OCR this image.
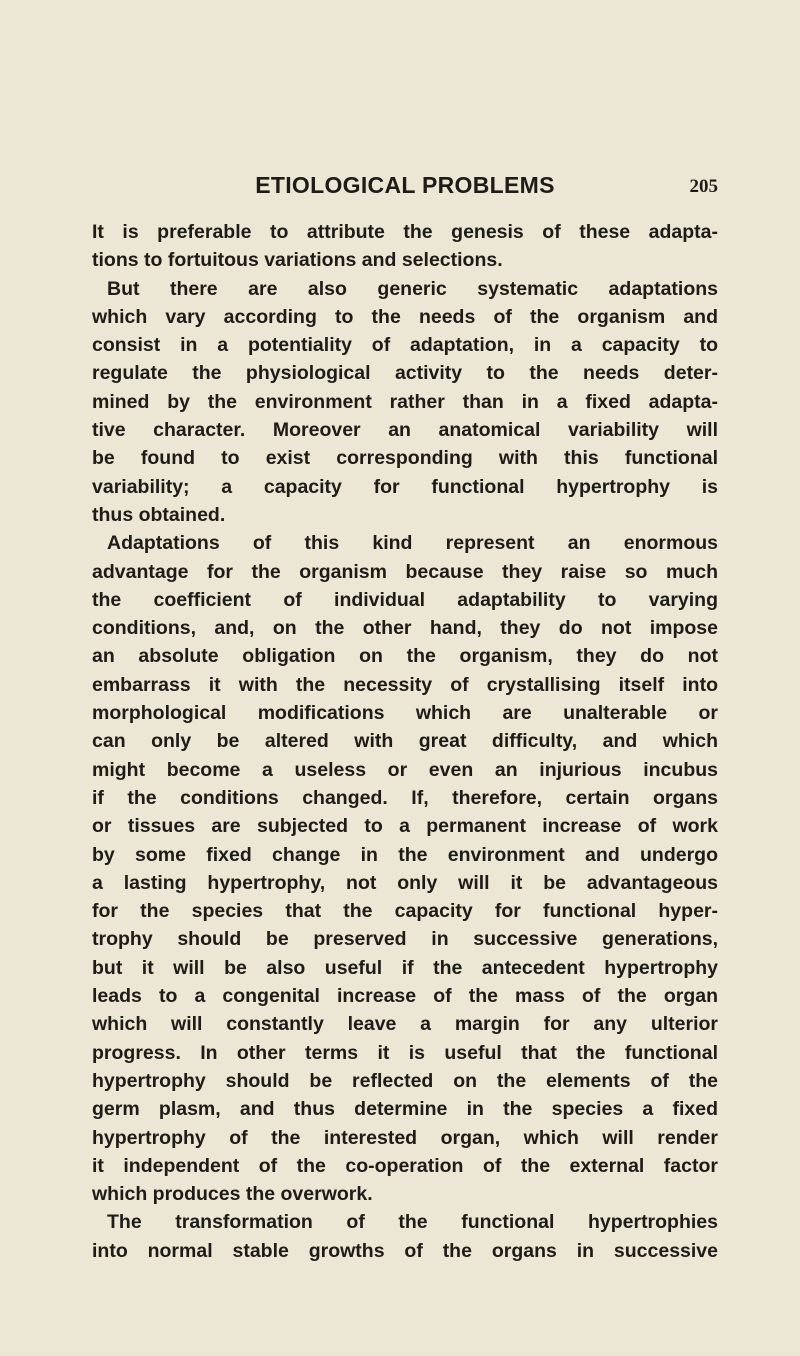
ETIOLOGICAL PROBLEMS	205
It is preferable to attribute the genesis of these adapta-
tions to fortuitous variations and selections.
But there are also generic systematic adaptations
which vary according to the needs of the organism and
consist in a potentiality of adaptation, in a capacity to
regulate the physiological activity to the needs deter-
mined by the environment rather than in a fixed adapta-
tive character. Moreover an anatomical variability will
be found to exist corresponding with this functional
variability; a capacity for functional hypertrophy is
thus obtained.
Adaptations of this kind represent an enormous
advantage for the organism because they raise so much
the coefficient of individual adaptability to varying
conditions, and, on the other hand, they do not impose
an absolute obligation on the organism, they do not
embarrass it with the necessity of crystallising itself into
morphological modifications which are unalterable or
can only be altered with great difficulty, and which
might become a useless or even an injurious incubus
if the conditions changed. If, therefore, certain organs
or tissues are subjected to a permanent increase of work
by some fixed change in the environment and undergo
a lasting hypertrophy, not only will it be advantageous
for the species that the capacity for functional hyper-
trophy should be preserved in successive generations,
but it will be also useful if the antecedent hypertrophy
leads to a congenital increase of the mass of the organ
which will constantly leave a margin for any ulterior
progress. In other terms it is useful that the functional
hypertrophy should be reflected on the elements of the
germ plasm, and thus determine in the species a fixed
hypertrophy of the interested organ, which will render
it independent of the co-operation of the external factor
which produces the overwork.
The transformation of the functional hypertrophies
into normal stable growths of the organs in successive
